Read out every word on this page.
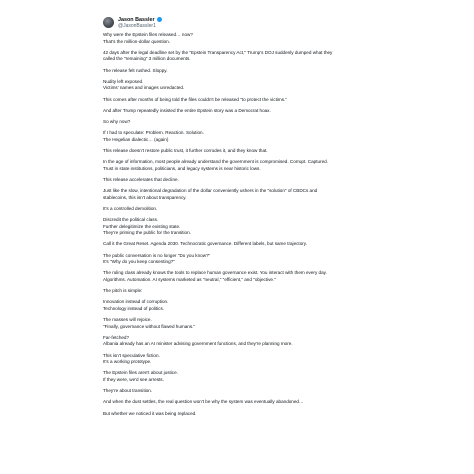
Jason Bassler
@JasonBassler1
Why were the Epstein files released… now?
That's the million-dollar question.
42 days after the legal deadline set by the "Epstein Transparency Act," Trump's DOJ suddenly dumped what they
called the "remaining" 3 million documents.
The release felt rushed. Sloppy.
Nudity left exposed.
Victims' names and images unredacted.
This comes after months of being told the files couldn't be released "to protect the victims."
And after Trump repeatedly insisted the entire Epstein story was a Democrat hoax.
So why now?
If I had to speculate: Problem. Reaction. Solution.
The Hegelian dialectic… (again)
This release doesn't restore public trust, it further corrodes it, and they know that.
In the age of information, most people already understand the government is compromised. Corrupt. Captured.
Trust in state institutions, politicians, and legacy systems is near historic lows.
This release accelerates that decline.
Just like the slow, intentional degradation of the dollar conveniently ushers in the "solution" of CBDCs and
stablecoins, this isn't about transparency.
It's a controlled demolition.
Discredit the political class.
Further delegitimize the existing state.
They're priming the public for the transition.
Call it the Great Reset. Agenda 2030. Technocratic governance. Different labels, but same trajectory.
The public conversation is no longer "Do you know?"
It's "Why do you keep consenting?"
The ruling class already knows the tools to replace human governance exist. You interact with them every day.
Algorithms. Automation. AI systems marketed as "neutral," "efficient," and "objective."
The pitch is simple:
Innovation instead of corruption.
Technology instead of politics.
The masses will rejoice.
"Finally, governance without flawed humans."
Far-fetched?
Albania already has an AI minister advising government functions, and they're planning more.
This isn't speculative fiction.
It's a working prototype.
The Epstein files aren't about justice.
If they were, we'd see arrests.
They're about transition.
And when the dust settles, the real question won't be why the system was eventually abandoned…
But whether we noticed it was being replaced.
